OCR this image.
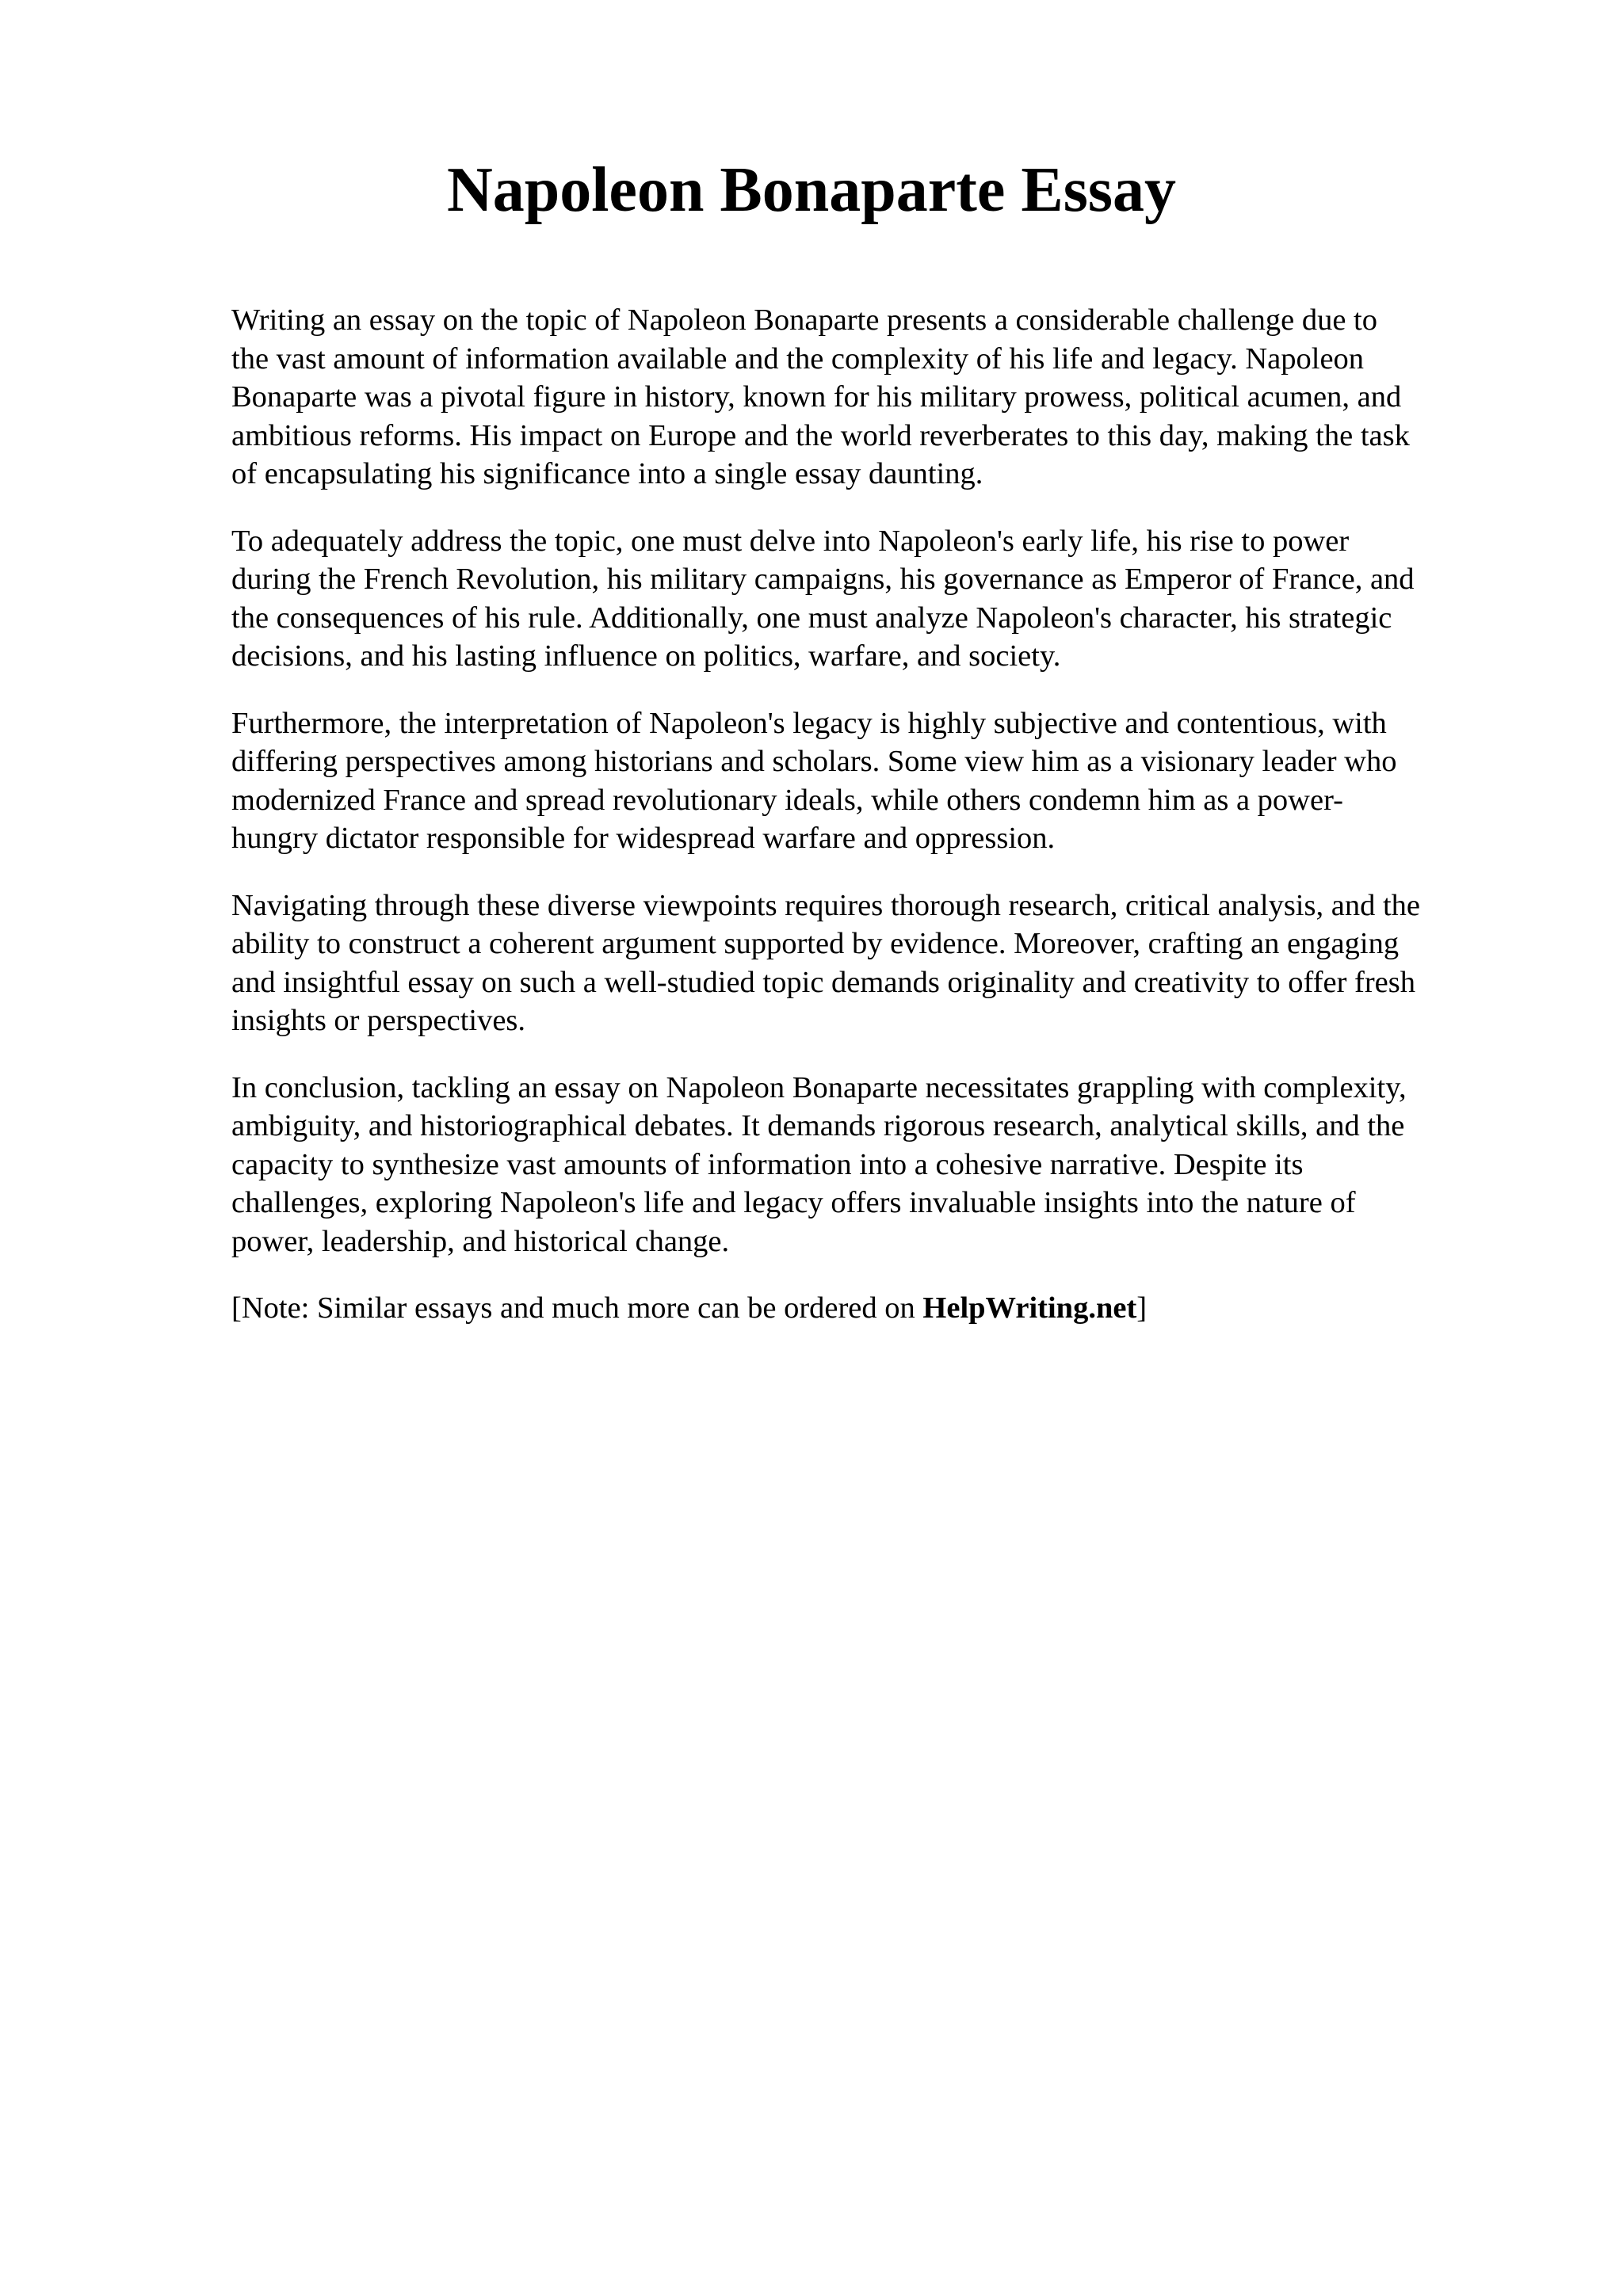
Napoleon Bonaparte Essay

Writing an essay on the topic of Napoleon Bonaparte presents a considerable challenge due to
the vast amount of information available and the complexity of his life and legacy. Napoleon
Bonaparte was a pivotal figure in history, known for his military prowess, political acumen, and
ambitious reforms. His impact on Europe and the world reverberates to this day, making the task
of encapsulating his significance into a single essay daunting.

To adequately address the topic, one must delve into Napoleon's early life, his rise to power
during the French Revolution, his military campaigns, his governance as Emperor of France, and
the consequences of his rule. Additionally, one must analyze Napoleon's character, his strategic
decisions, and his lasting influence on politics, warfare, and society.

Furthermore, the interpretation of Napoleon's legacy is highly subjective and contentious, with
differing perspectives among historians and scholars. Some view him as a visionary leader who
modernized France and spread revolutionary ideals, while others condemn him as a power-
hungry dictator responsible for widespread warfare and oppression.

Navigating through these diverse viewpoints requires thorough research, critical analysis, and the
ability to construct a coherent argument supported by evidence. Moreover, crafting an engaging
and insightful essay on such a well-studied topic demands originality and creativity to offer fresh
insights or perspectives.

In conclusion, tackling an essay on Napoleon Bonaparte necessitates grappling with complexity,
ambiguity, and historiographical debates. It demands rigorous research, analytical skills, and the
capacity to synthesize vast amounts of information into a cohesive narrative. Despite its
challenges, exploring Napoleon's life and legacy offers invaluable insights into the nature of
power, leadership, and historical change.

[Note: Similar essays and much more can be ordered on HelpWriting.net]
